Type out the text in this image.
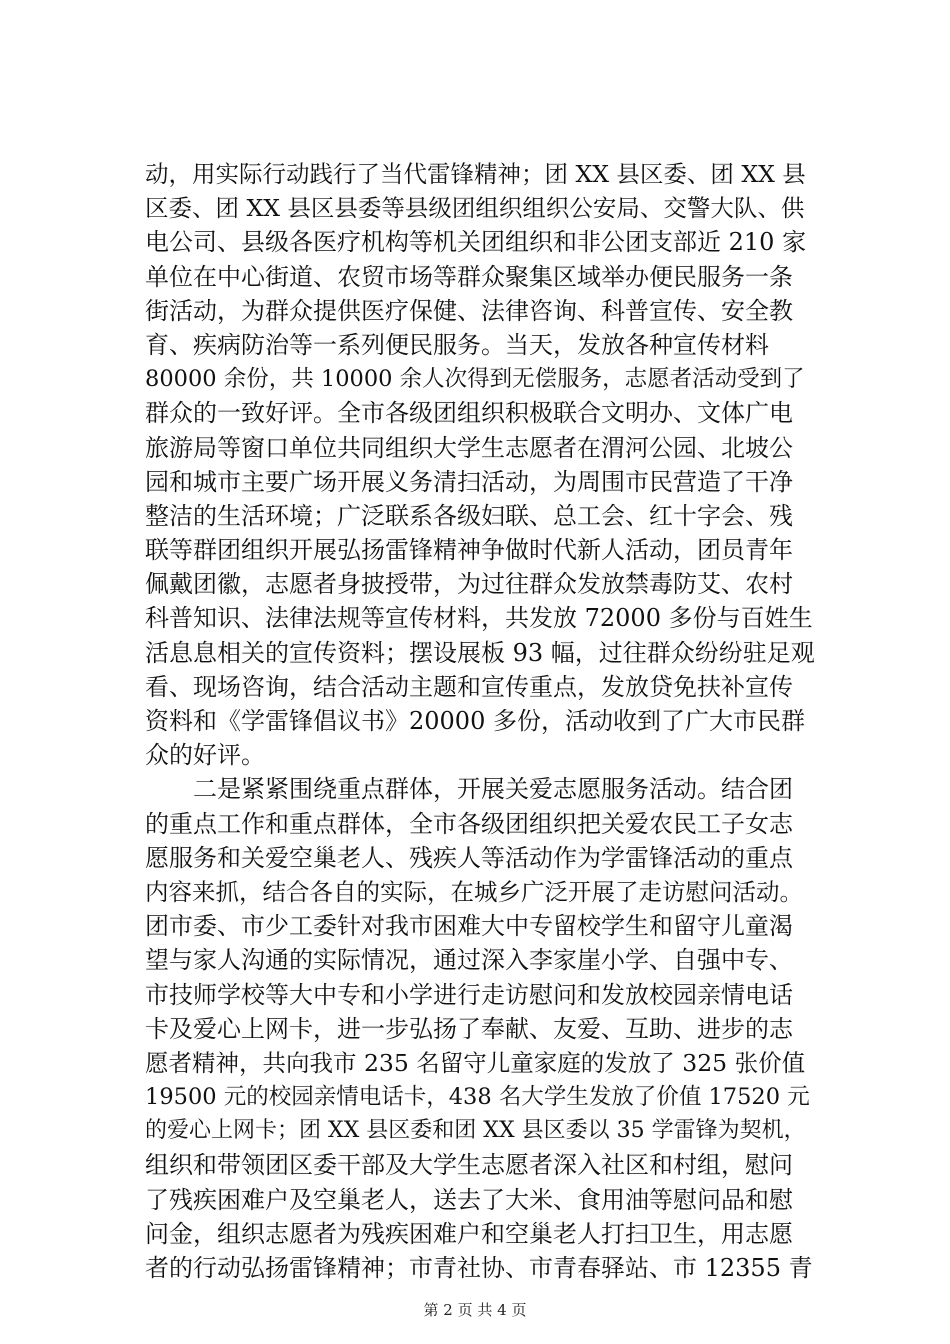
动，用实际行动践行了当代雷锋精神；团 XX 县区委、团 XX 县
区委、团 XX 县区县委等县级团组织组织公安局、交警大队、供
电公司、县级各医疗机构等机关团组织和非公团支部近 210 家
单位在中心街道、农贸市场等群众聚集区域举办便民服务一条
街活动，为群众提供医疗保健、法律咨询、科普宣传、安全教
育、疾病防治等一系列便民服务。当天，发放各种宣传材料
80000 余份，共 10000 余人次得到无偿服务，志愿者活动受到了
群众的一致好评。全市各级团组织积极联合文明办、文体广电
旅游局等窗口单位共同组织大学生志愿者在渭河公园、北坡公
园和城市主要广场开展义务清扫活动，为周围市民营造了干净
整洁的生活环境；广泛联系各级妇联、总工会、红十字会、残
联等群团组织开展弘扬雷锋精神争做时代新人活动，团员青年
佩戴团徽，志愿者身披授带，为过往群众发放禁毒防艾、农村
科普知识、法律法规等宣传材料，共发放 72000 多份与百姓生
活息息相关的宣传资料；摆设展板 93 幅，过往群众纷纷驻足观
看、现场咨询，结合活动主题和宣传重点，发放贷免扶补宣传
资料和《学雷锋倡议书》20000 多份，活动收到了广大市民群
众的好评。
　　二是紧紧围绕重点群体，开展关爱志愿服务活动。结合团
的重点工作和重点群体，全市各级团组织把关爱农民工子女志
愿服务和关爱空巢老人、残疾人等活动作为学雷锋活动的重点
内容来抓，结合各自的实际，在城乡广泛开展了走访慰问活动。
团市委、市少工委针对我市困难大中专留校学生和留守儿童渴
望与家人沟通的实际情况，通过深入李家崖小学、自强中专、
市技师学校等大中专和小学进行走访慰问和发放校园亲情电话
卡及爱心上网卡，进一步弘扬了奉献、友爱、互助、进步的志
愿者精神，共向我市 235 名留守儿童家庭的发放了 325 张价值
19500 元的校园亲情电话卡，438 名大学生发放了价值 17520 元
的爱心上网卡；团 XX 县区委和团 XX 县区委以 35 学雷锋为契机，
组织和带领团区委干部及大学生志愿者深入社区和村组，慰问
了残疾困难户及空巢老人，送去了大米、食用油等慰问品和慰
问金，组织志愿者为残疾困难户和空巢老人打扫卫生，用志愿
者的行动弘扬雷锋精神；市青社协、市青春驿站、市 12355 青
第 2 页 共 4 页
